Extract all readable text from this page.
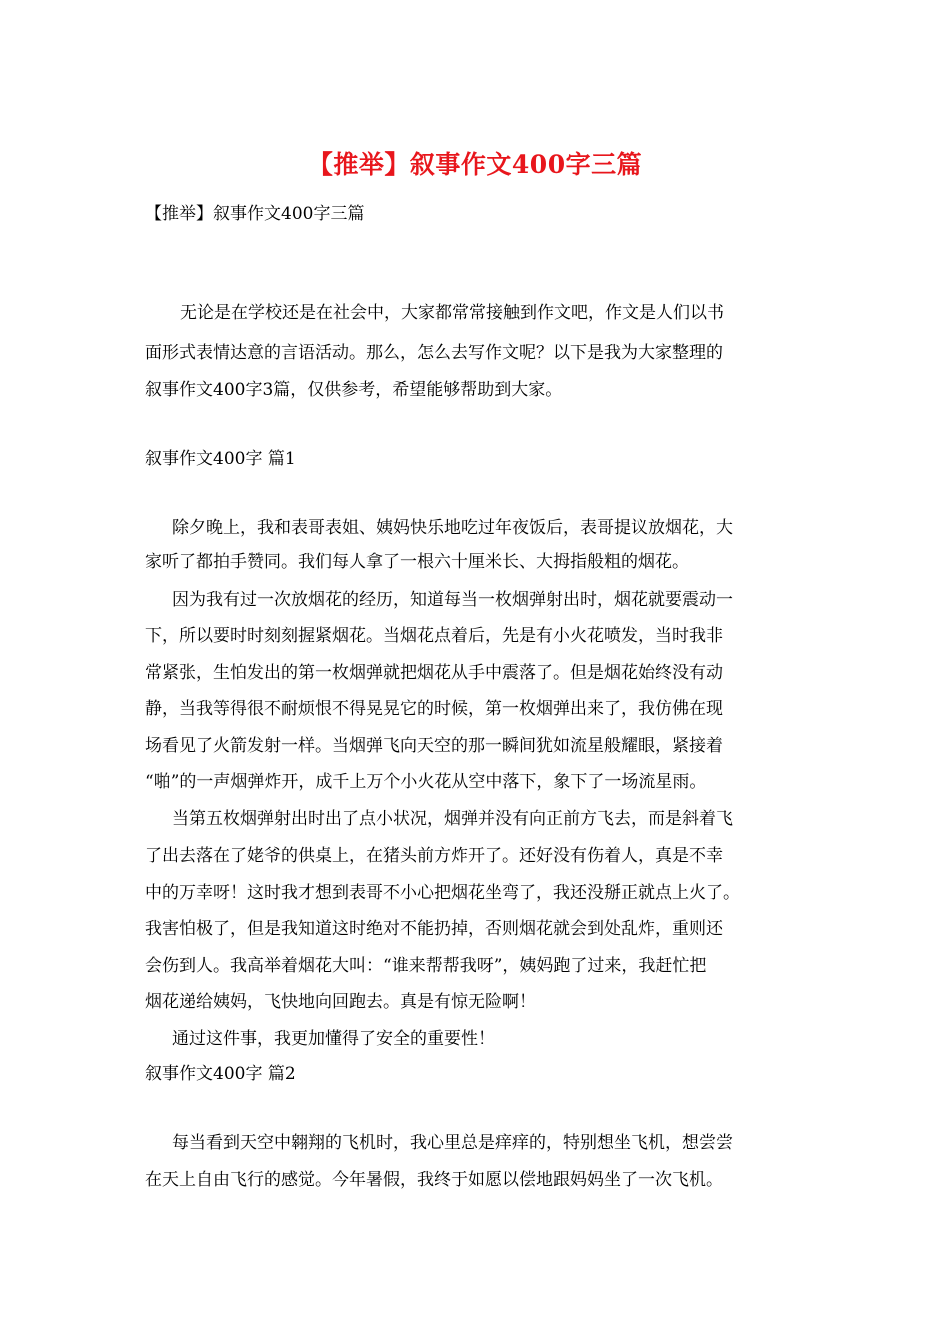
【推举】叙事作文400字三篇
【推举】叙事作文400字三篇
无论是在学校还是在社会中，大家都常常接触到作文吧，作文是人们以书
面形式表情达意的言语活动。那么，怎么去写作文呢？以下是我为大家整理的
叙事作文400字3篇，仅供参考，希望能够帮助到大家。
叙事作文400字 篇1
除夕晚上，我和表哥表姐、姨妈快乐地吃过年夜饭后，表哥提议放烟花，大
家听了都拍手赞同。我们每人拿了一根六十厘米长、大拇指般粗的烟花。
因为我有过一次放烟花的经历，知道每当一枚烟弹射出时，烟花就要震动一
下，所以要时时刻刻握紧烟花。当烟花点着后，先是有小火花喷发，当时我非
常紧张，生怕发出的第一枚烟弹就把烟花从手中震落了。但是烟花始终没有动
静，当我等得很不耐烦恨不得晃晃它的时候，第一枚烟弹出来了，我仿佛在现
场看见了火箭发射一样。当烟弹飞向天空的那一瞬间犹如流星般耀眼，紧接着
“啪”的一声烟弹炸开，成千上万个小火花从空中落下，象下了一场流星雨。
当第五枚烟弹射出时出了点小状况，烟弹并没有向正前方飞去，而是斜着飞
了出去落在了姥爷的供桌上，在猪头前方炸开了。还好没有伤着人，真是不幸
中的万幸呀！这时我才想到表哥不小心把烟花坐弯了，我还没掰正就点上火了。
我害怕极了，但是我知道这时绝对不能扔掉，否则烟花就会到处乱炸，重则还
会伤到人。我高举着烟花大叫：“谁来帮帮我呀”，姨妈跑了过来，我赶忙把
烟花递给姨妈，飞快地向回跑去。真是有惊无险啊！
通过这件事，我更加懂得了安全的重要性！
叙事作文400字 篇2
每当看到天空中翱翔的飞机时，我心里总是痒痒的，特别想坐飞机，想尝尝
在天上自由飞行的感觉。今年暑假，我终于如愿以偿地跟妈妈坐了一次飞机。
